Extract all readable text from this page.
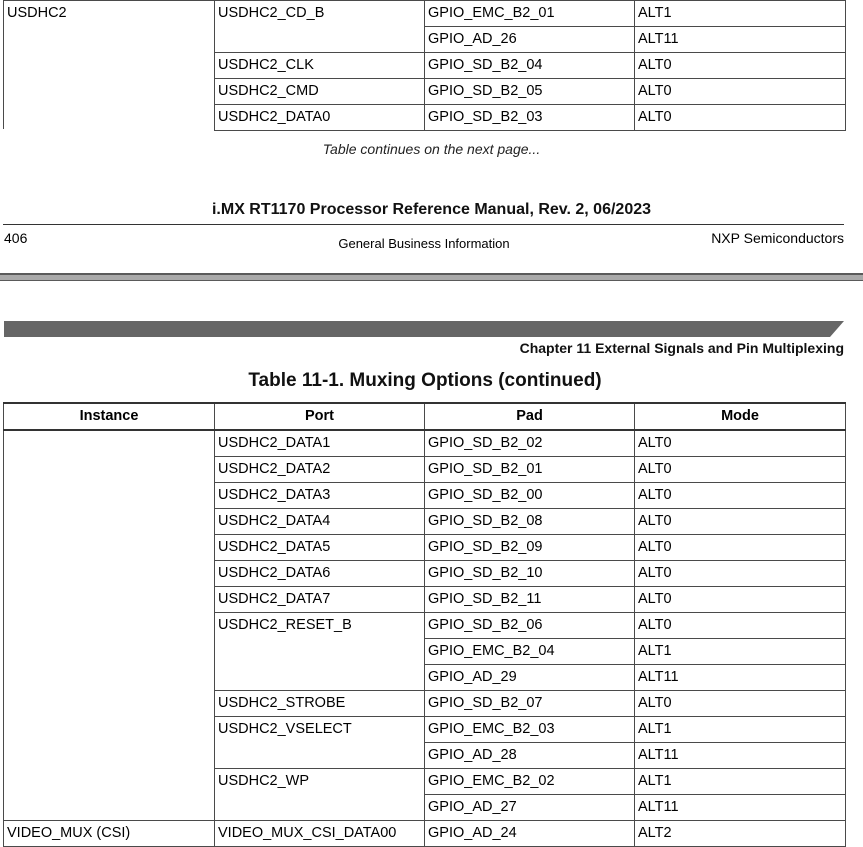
USDHC2	USDHC2_CD_B	GPIO_EMC_B2_01	ALT1
		GPIO_AD_26	ALT11
	USDHC2_CLK	GPIO_SD_B2_04	ALT0
	USDHC2_CMD	GPIO_SD_B2_05	ALT0
	USDHC2_DATA0	GPIO_SD_B2_03	ALT0
Table continues on the next page...
i.MX RT1170 Processor Reference Manual, Rev. 2, 06/2023
406	General Business Information	NXP Semiconductors
Chapter 11 External Signals and Pin Multiplexing
Table 11-1. Muxing Options (continued)
Instance	Port	Pad	Mode
	USDHC2_DATA1	GPIO_SD_B2_02	ALT0
	USDHC2_DATA2	GPIO_SD_B2_01	ALT0
	USDHC2_DATA3	GPIO_SD_B2_00	ALT0
	USDHC2_DATA4	GPIO_SD_B2_08	ALT0
	USDHC2_DATA5	GPIO_SD_B2_09	ALT0
	USDHC2_DATA6	GPIO_SD_B2_10	ALT0
	USDHC2_DATA7	GPIO_SD_B2_11	ALT0
	USDHC2_RESET_B	GPIO_SD_B2_06	ALT0
		GPIO_EMC_B2_04	ALT1
		GPIO_AD_29	ALT11
	USDHC2_STROBE	GPIO_SD_B2_07	ALT0
	USDHC2_VSELECT	GPIO_EMC_B2_03	ALT1
		GPIO_AD_28	ALT11
	USDHC2_WP	GPIO_EMC_B2_02	ALT1
		GPIO_AD_27	ALT11
VIDEO_MUX (CSI)	VIDEO_MUX_CSI_DATA00	GPIO_AD_24	ALT2
